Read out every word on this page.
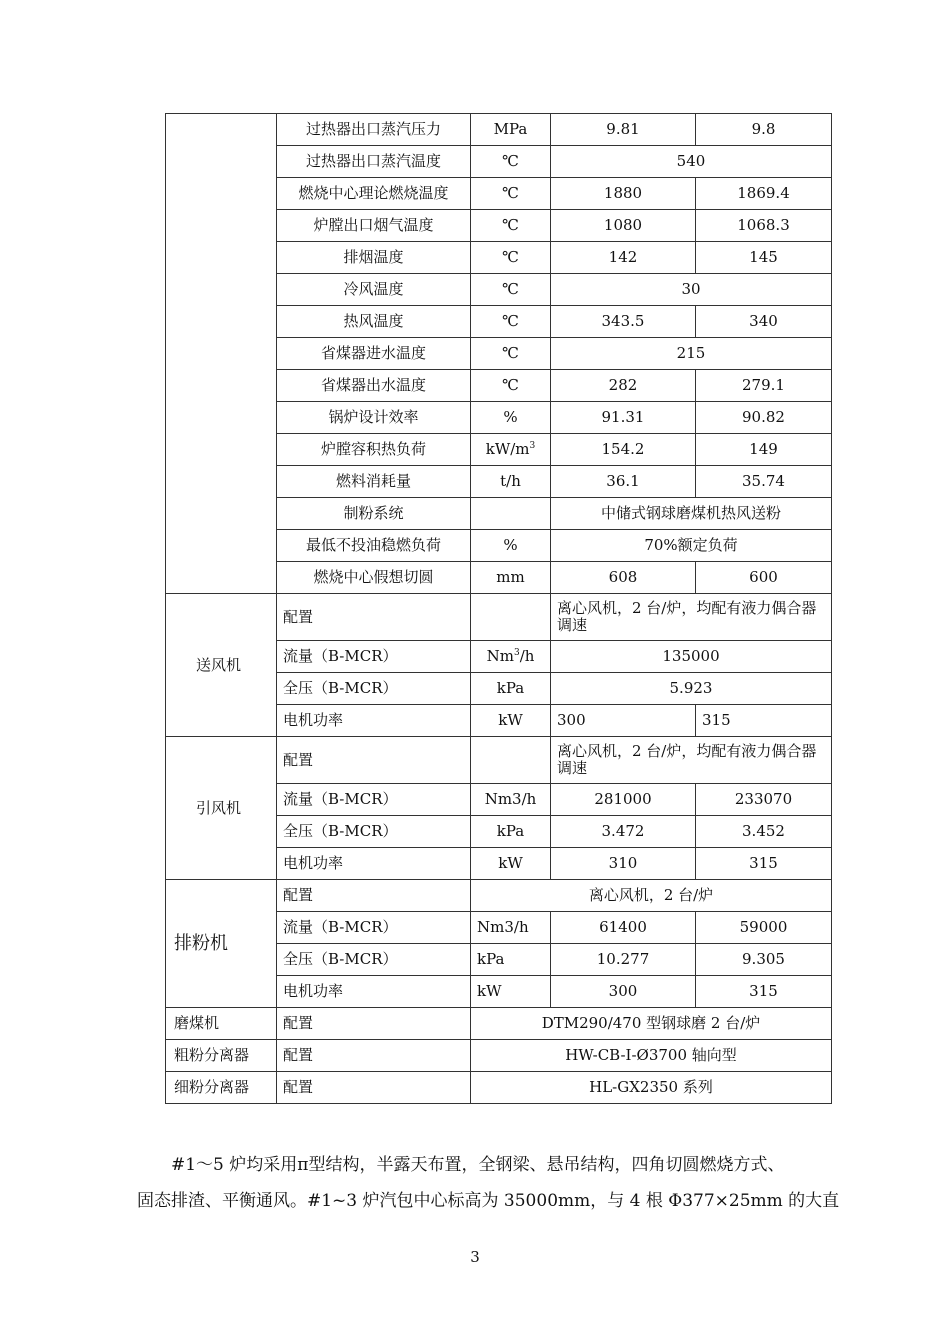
	过热器出口蒸汽压力	MPa	9.81	9.8
	过热器出口蒸汽温度	℃	540	
	燃烧中心理论燃烧温度	℃	1880	1869.4
	炉膛出口烟气温度	℃	1080	1068.3
	排烟温度	℃	142	145
	冷风温度	℃	30	
	热风温度	℃	343.5	340
	省煤器进水温度	℃	215	
	省煤器出水温度	℃	282	279.1
	锅炉设计效率	%	91.31	90.82
	炉膛容积热负荷	$kW/m^3$	154.2	149
	燃料消耗量	t/h	36.1	35.74
	制粉系统		中储式钢球磨煤机热风送粉	
	最低不投油稳燃负荷	%	70%额定负荷	
	燃烧中心假想切圆	mm	608	600
送风机	配置		离心风机，2 台/炉，均配有液力偶合器调速	
	流量（B-MCR）	Nm$^3$/h	135000	
	全压（B-MCR）	kPa	5.923	
	电机功率	kW	300	315
引风机	配置		离心风机，2 台/炉，均配有液力偶合器调速	
	流量（B-MCR）	Nm3/h	281000	233070
	全压（B-MCR）	kPa	3.472	3.452
	电机功率	kW	310	315
排粉机	配置	离心风机，2 台/炉		
	流量（B-MCR）	Nm3/h	61400	59000
	全压（B-MCR）	kPa	10.277	9.305
	电机功率	kW	300	315
磨煤机	配置	DTM290/470 型钢球磨 2 台/炉		
粗粉分离器	配置	HW-CB-I-Ø3700 轴向型		
细粉分离器	配置	HL-GX2350 系列		

#1～5 炉均采用π型结构，半露天布置，全钢梁、悬吊结构，四角切圆燃烧方式、

固态排渣、平衡通风。#1~3 炉汽包中心标高为 35000mm，与 4 根 Φ377×25mm 的大直

3
